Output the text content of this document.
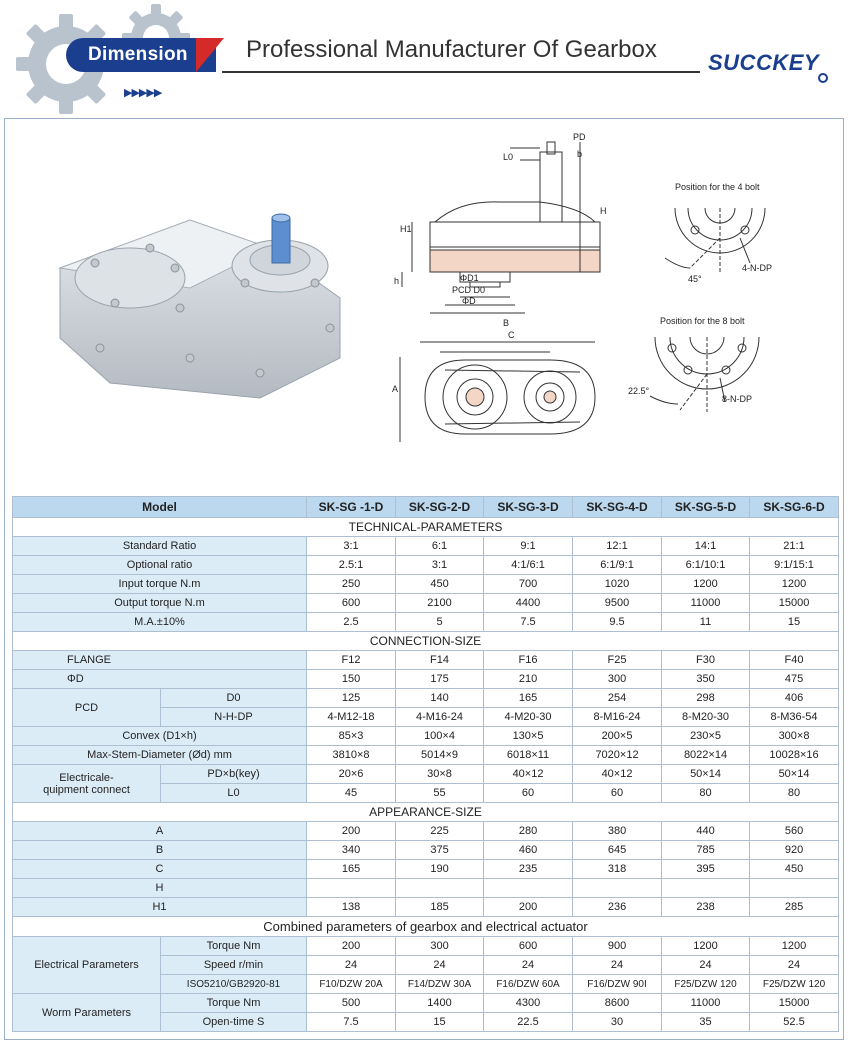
Dimension
▶▶▶▶▶
Professional Manufacturer Of Gearbox SUCCKEY
PD
b
L0
H1
H
h	ΦD1
PCD D0
ΦD
B
C
A
Position for the 4 bolt
45°
4-N-DP
Position for the 8 bolt
22.5°
8-N-DP
Model		SK-SG -1-D	SK-SG-2-D	SK-SG-3-D	SK-SG-4-D	SK-SG-5-D	SK-SG-6-D
TECHNICAL-PARAMETERS							
Standard Ratio		3:1	6:1	9:1	12:1	14:1	21:1
Optional ratio		2.5:1	3:1	4:1/6:1	6:1/9:1	6:1/10:1	9:1/15:1
Input torque N.m		250	450	700	1020	1200	1200
Output torque N.m		600	2100	4400	9500	11000	15000
M.A.±10%		2.5	5	7.5	9.5	11	15
CONNECTION-SIZE							
FLANGE		F12	F14	F16	F25	F30	F40
ΦD		150	175	210	300	350	475
PCD	D0	125	140	165	254	298	406
	N-H-DP	4-M12-18	4-M16-24	4-M20-30	8-M16-24	8-M20-30	8-M36-54
Convex (D1×h)		85×3	100×4	130×5	200×5	230×5	300×8
Max-Stem-Diameter (Ød) mm		3810×8	5014×9	6018×11	7020×12	8022×14	10028×16

Electricale-
quipment connect	PD×b(key)	20×6	30×8	40×12	40×12	50×14	50×14
	L0	45	55	60	60	80	80
APPEARANCE-SIZE							
A		200	225	280	380	440	560
B		340	375	460	645	785	920
C		165	190	235	318	395	450
H							
H1		138	185	200	236	238	285
Combined parameters of gearbox and electrical actuator							
Electrical Parameters	Torque Nm	200	300	600	900	1200	1200
	Speed r/min	24	24	24	24	24	24
	ISO5210/GB2920-81	F10/DZW 20A	F14/DZW 30A	F16/DZW 60A	F16/DZW 90I	F25/DZW 120	F25/DZW 120
Worm Parameters	Torque Nm	500	1400	4300	8600	11000	15000
	Open-time S	7.5	15	22.5	30	35	52.5
